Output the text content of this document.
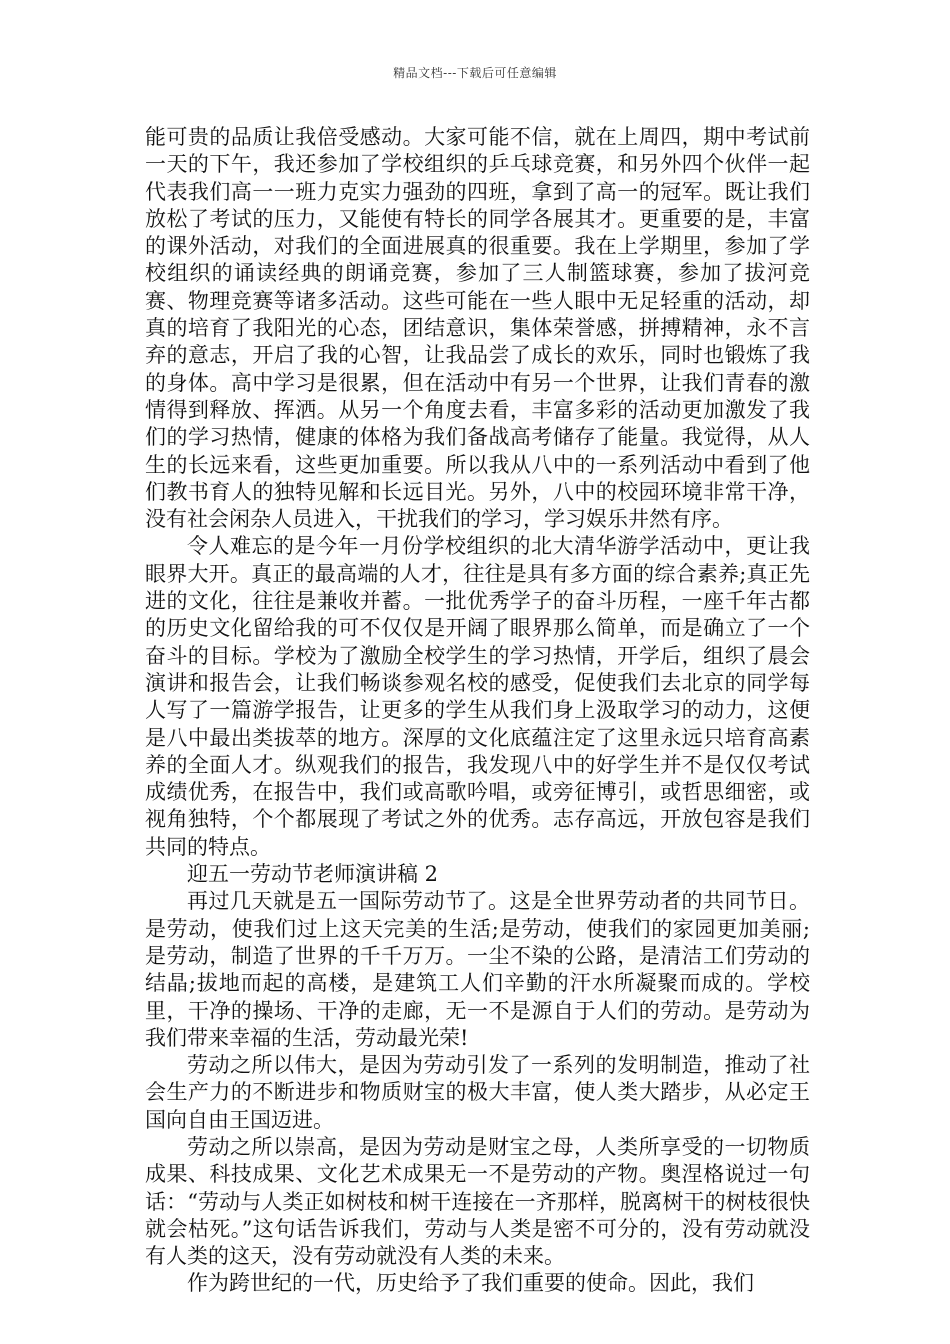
精品文档---下载后可任意编辑

能可贵的品质让我倍受感动。大家可能不信，就在上周四，期中考试前一天的下午，我还参加了学校组织的乒乓球竞赛，和另外四个伙伴一起代表我们高一一班力克实力强劲的四班，拿到了高一的冠军。既让我们放松了考试的压力，又能使有特长的同学各展其才。更重要的是，丰富的课外活动，对我们的全面进展真的很重要。我在上学期里，参加了学校组织的诵读经典的朗诵竞赛，参加了三人制篮球赛，参加了拔河竞赛、物理竞赛等诸多活动。这些可能在一些人眼中无足轻重的活动，却真的培育了我阳光的心态，团结意识，集体荣誉感，拼搏精神，永不言弃的意志，开启了我的心智，让我品尝了成长的欢乐，同时也锻炼了我的身体。高中学习是很累，但在活动中有另一个世界，让我们青春的激情得到释放、挥洒。从另一个角度去看，丰富多彩的活动更加激发了我们的学习热情，健康的体格为我们备战高考储存了能量。我觉得，从人生的长远来看，这些更加重要。所以我从八中的一系列活动中看到了他们教书育人的独特见解和长远目光。另外，八中的校园环境非常干净，没有社会闲杂人员进入，干扰我们的学习，学习娱乐井然有序。

令人难忘的是今年一月份学校组织的北大清华游学活动中，更让我眼界大开。真正的最高端的人才，往往是具有多方面的综合素养;真正先进的文化，往往是兼收并蓄。一批优秀学子的奋斗历程，一座千年古都的历史文化留给我的可不仅仅是开阔了眼界那么简单，而是确立了一个奋斗的目标。学校为了激励全校学生的学习热情，开学后，组织了晨会演讲和报告会，让我们畅谈参观名校的感受，促使我们去北京的同学每人写了一篇游学报告，让更多的学生从我们身上汲取学习的动力，这便是八中最出类拔萃的地方。深厚的文化底蕴注定了这里永远只培育高素养的全面人才。纵观我们的报告，我发现八中的好学生并不是仅仅考试成绩优秀，在报告中，我们或高歌吟唱，或旁征博引，或哲思细密，或视角独特，个个都展现了考试之外的优秀。志存高远，开放包容是我们共同的特点。

迎五一劳动节老师演讲稿 2

再过几天就是五一国际劳动节了。这是全世界劳动者的共同节日。是劳动，使我们过上这天完美的生活;是劳动，使我们的家园更加美丽;是劳动，制造了世界的千千万万。一尘不染的公路，是清洁工们劳动的结晶;拔地而起的高楼，是建筑工人们辛勤的汗水所凝聚而成的。学校里，干净的操场、干净的走廊，无一不是源自于人们的劳动。是劳动为我们带来幸福的生活，劳动最光荣!

劳动之所以伟大，是因为劳动引发了一系列的发明制造，推动了社会生产力的不断进步和物质财宝的极大丰富，使人类大踏步，从必定王国向自由王国迈进。

劳动之所以崇高，是因为劳动是财宝之母，人类所享受的一切物质成果、科技成果、文化艺术成果无一不是劳动的产物。奥涅格说过一句话：“劳动与人类正如树枝和树干连接在一齐那样，脱离树干的树枝很快就会枯死。”这句话告诉我们，劳动与人类是密不可分的，没有劳动就没有人类的这天，没有劳动就没有人类的未来。

作为跨世纪的一代，历史给予了我们重要的使命。因此，我们
